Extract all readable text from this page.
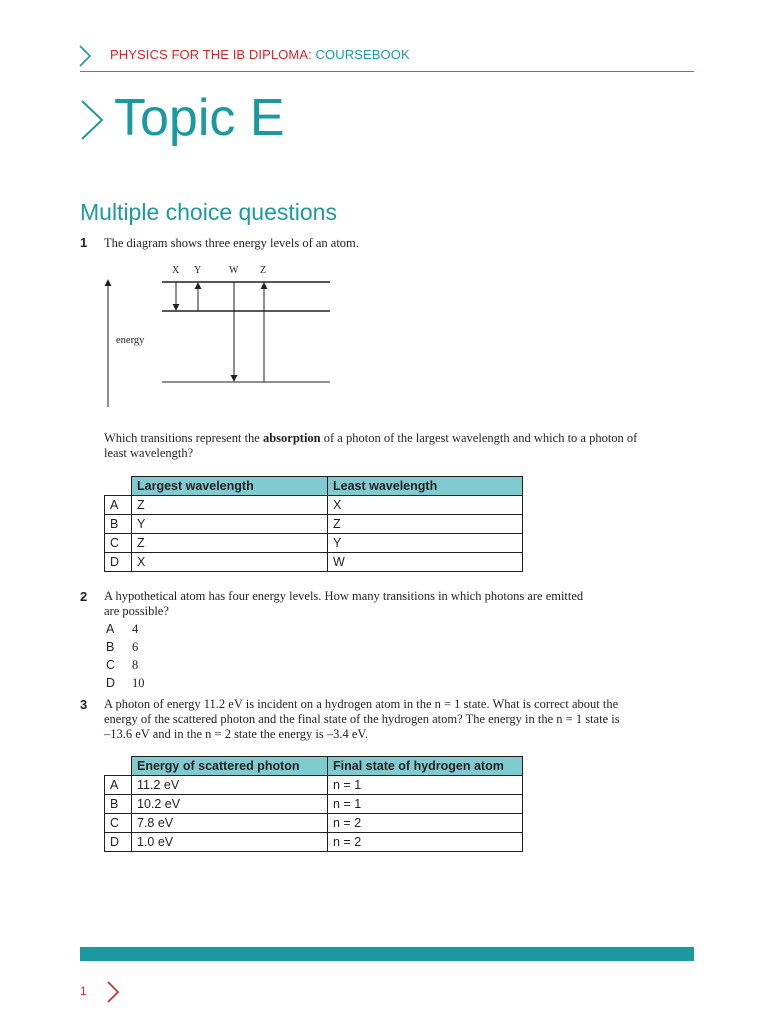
PHYSICS FOR THE IB DIPLOMA: COURSEBOOK
Topic E
Multiple choice questions
1 The diagram shows three energy levels of an atom.
X Y	W Z
energy
Which transitions represent the absorption of a photon of the largest wavelength and which to a photon of
least wavelength?
	Largest wavelength	Least wavelength
A	Z	X
B	Y	Z
C	Z	Y
D	X	W
2 A hypothetical atom has four energy levels. How many transitions in which photons are emitted
are possible?
A 4
B 6
C 8
D 10
3 A photon of energy 11.2 eV is incident on a hydrogen atom in the n = 1 state. What is correct about the
energy of the scattered photon and the final state of the hydrogen atom? The energy in the n = 1 state is
–13.6 eV and in the n = 2 state the energy is –3.4 eV.
	Energy of scattered photon	Final state of hydrogen atom
A	11.2 eV	n = 1
B	10.2 eV	n = 1
C	7.8 eV	n = 2
D	1.0 eV	n = 2
1
